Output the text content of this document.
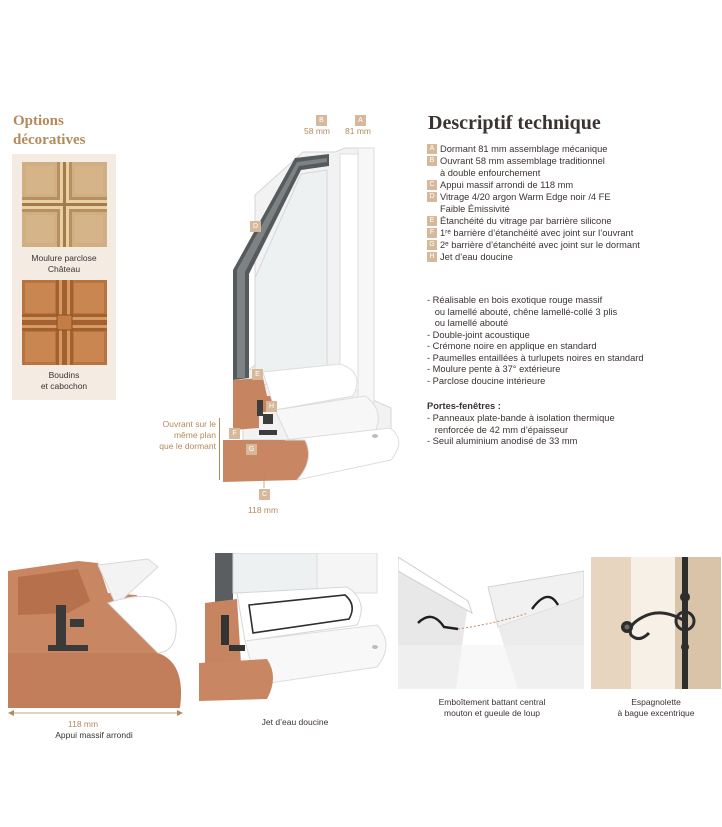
Options
décoratives
Moulure parclose
Château
Boudins
et cabochon
B
58 mm
A
81 mm
D
E
H
F
G
C
118 mm
Ouvrant sur le
même plan
que le dormant
Descriptif technique
A Dormant 81 mm assemblage mécanique
B Ouvrant 58 mm assemblage traditionnel
à double enfourchement
C Appui massif arrondi de 118 mm
D Vitrage 4/20 argon Warm Edge noir /4 FE
Faible Émissivité
E Étanchéité du vitrage par barrière silicone
F 1ʳᵉ barrière d’étanchéité avec joint sur l’ouvrant
G 2ᵉ barrière d’étanchéité avec joint sur le dormant
H Jet d’eau doucine
- Réalisable en bois exotique rouge massif
ou lamellé abouté, chêne lamellé-collé 3 plis
ou lamellé abouté
- Double-joint acoustique
- Crémone noire en applique en standard
- Paumelles entaillées à turlupets noires en standard
- Moulure pente à 37° extérieure
- Parclose doucine intérieure
Portes-fenêtres :
- Panneaux plate-bande à isolation thermique
renforcée de 42 mm d’épaisseur
- Seuil aluminium anodisé de 33 mm
118 mm
Appui massif arrondi
Jet d’eau doucine
Emboîtement battant central
mouton et gueule de loup
Espagnolette
à bague excentrique
